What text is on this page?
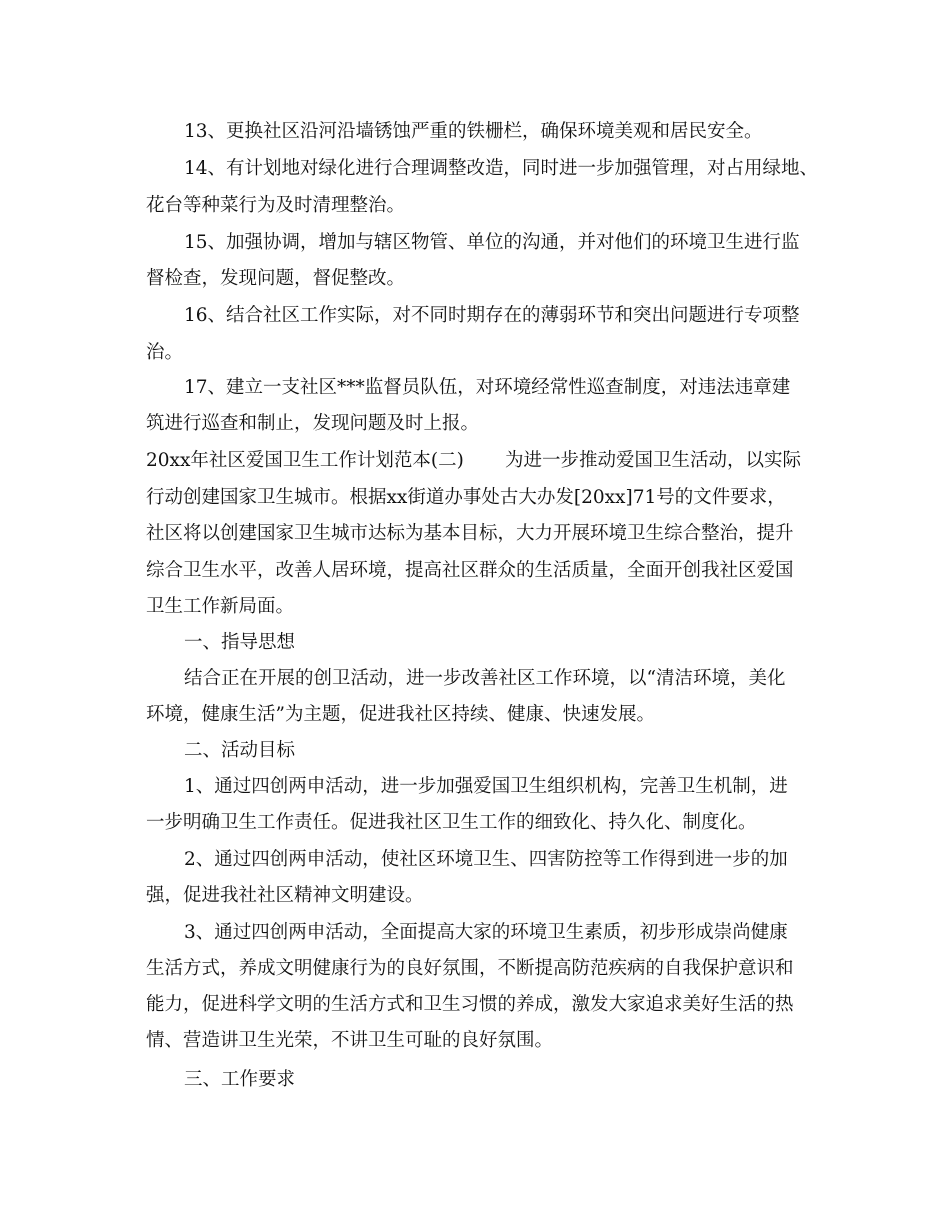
13、更换社区沿河沿墙锈蚀严重的铁栅栏，确保环境美观和居民安全。
14、有计划地对绿化进行合理调整改造，同时进一步加强管理，对占用绿地、
花台等种菜行为及时清理整治。
15、加强协调，增加与辖区物管、单位的沟通，并对他们的环境卫生进行监
督检查，发现问题，督促整改。
16、结合社区工作实际，对不同时期存在的薄弱环节和突出问题进行专项整
治。
17、建立一支社区***监督员队伍，对环境经常性巡查制度，对违法违章建
筑进行巡查和制止，发现问题及时上报。
20xx年社区爱国卫生工作计划范本(二)       为进一步推动爱国卫生活动，以实际
行动创建国家卫生城市。根据xx街道办事处古大办发[20xx]71号的文件要求，
社区将以创建国家卫生城市达标为基本目标，大力开展环境卫生综合整治，提升
综合卫生水平，改善人居环境，提高社区群众的生活质量，全面开创我社区爱国
卫生工作新局面。
一、指导思想
结合正在开展的创卫活动，进一步改善社区工作环境，以“清洁环境，美化
环境，健康生活”为主题，促进我社区持续、健康、快速发展。
二、活动目标
1、通过四创两申活动，进一步加强爱国卫生组织机构，完善卫生机制，进
一步明确卫生工作责任。促进我社区卫生工作的细致化、持久化、制度化。
2、通过四创两申活动，使社区环境卫生、四害防控等工作得到进一步的加
强，促进我社社区精神文明建设。
3、通过四创两申活动，全面提高大家的环境卫生素质，初步形成崇尚健康
生活方式，养成文明健康行为的良好氛围，不断提高防范疾病的自我保护意识和
能力，促进科学文明的生活方式和卫生习惯的养成，激发大家追求美好生活的热
情、营造讲卫生光荣，不讲卫生可耻的良好氛围。
三、工作要求
